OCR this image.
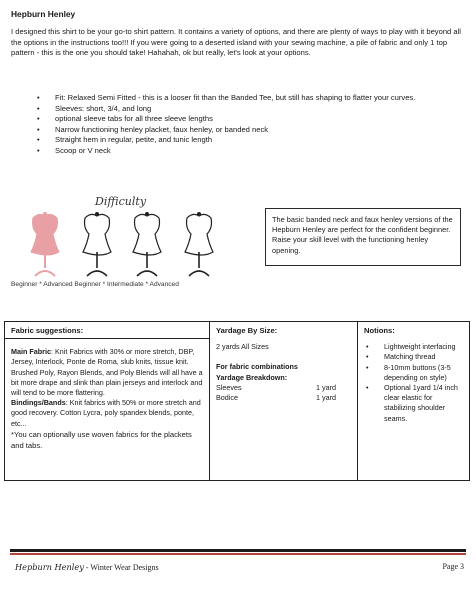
Hepburn Henley

I designed this shirt to be your go-to shirt pattern. It contains a variety of options, and there are plenty of ways to play with it beyond all the options in the instructions too!!! If you were going to a deserted island with your sewing machine, a pile of fabric and only 1 top pattern - this is the one you should take! Hahahah, ok but really, let's look at your options.

• Fit: Relaxed Semi Fitted - this is a looser fit than the Banded Tee, but still has shaping to flatter your curves.
• Sleeves: short, 3/4, and long
• optional sleeve tabs for all three sleeve lengths
• Narrow functioning henley placket, faux henley, or banded neck
• Straight hem in regular, petite, and tunic length
• Scoop or V neck
Difficulty
Beginner * Advanced Beginner * Intermediate * Advanced
The basic banded neck and faux henley versions of the Hepburn Henley are perfect for the confident beginner. Raise your skill level with the functioning henley opening.
Fabric suggestions:
Main Fabric: Knit Fabrics with 30% or more stretch, DBP, Jersey, Interlock, Ponte de Roma, slub knits, tissue knit. Brushed Poly, Rayon Blends, and Poly Blends will all have a bit more drape and slink than plain jerseys and interlock and will tend to be more flattering.
Bindings/Bands: Knit fabrics with 50% or more stretch and good recovery. Cotton Lycra, poly spandex blends, ponte, etc...
*You can optionally use woven fabrics for the plackets and tabs.
Yardage By Size:
2 yards All Sizes
For fabric combinations
Yardage Breakdown:
Sleeves	1 yard
Bodice	1 yard
Notions:
• Lightweight interfacing
• Matching thread
• 8-10mm buttons (3-5 depending on style)
• Optional 1yard 1/4 inch clear elastic for stabilizing shoulder seams.
Hepburn Henley - Winter Wear Designs	Page 3
